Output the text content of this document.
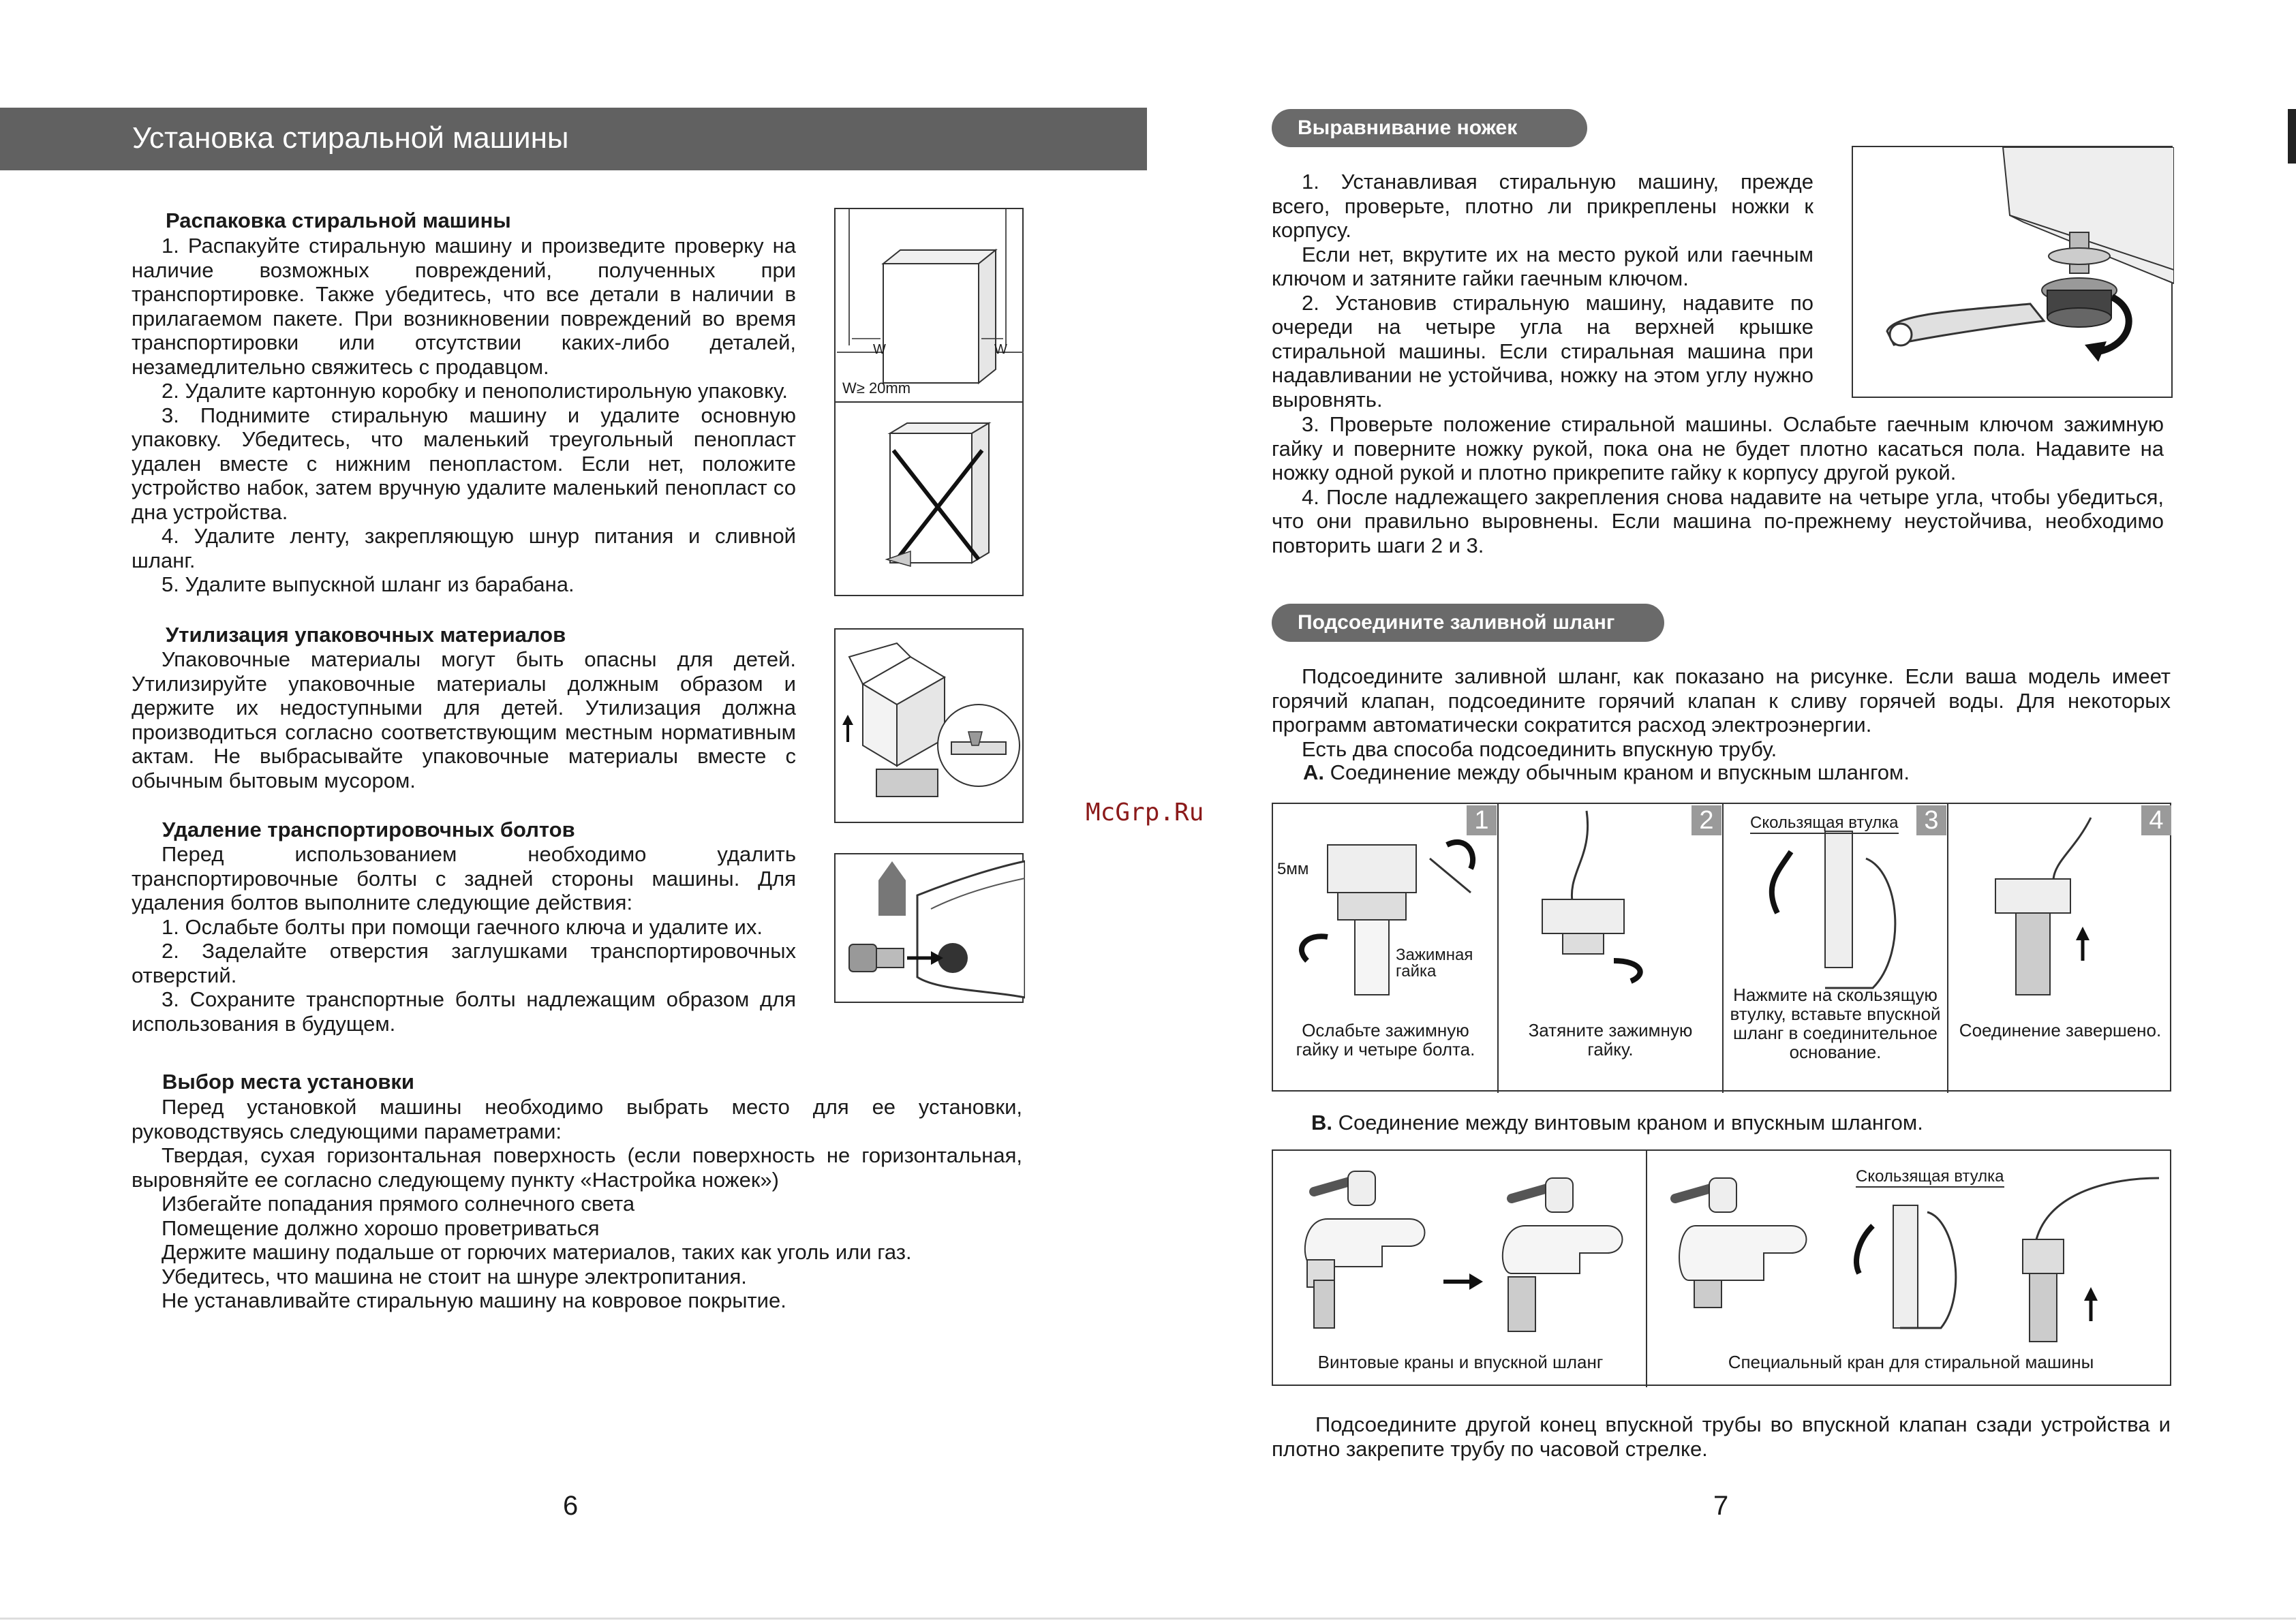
Установка стиральной машины
Распаковка стиральной машины

1. Распакуйте стиральную машину и произведите проверку на наличие возможных повреждений, полученных при транспортировке. Также убедитесь, что все детали в наличии в прилагаемом пакете. При возникновении повреждений во время транспортировки или отсутствии каких-либо деталей, незамедлительно свяжитесь с продавцом.

2. Удалите картонную коробку и пенополистирольную упаковку.

3. Поднимите стиральную машину и удалите основную упаковку. Убедитесь, что маленький треугольный пенопласт удален вместе с нижним пенопластом. Если нет, положите устройство набок, затем вручную удалите маленький пенопласт со дна устройства.

4. Удалите ленту, закрепляющую шнур питания и сливной шланг.

5. Удалите выпускной шланг из барабана.

Утилизация упаковочных материалов

Упаковочные материалы могут быть опасны для детей. Утилизируйте упаковочные материалы должным образом и держите их недоступными для детей. Утилизация должна производиться согласно соответствующим местным нормативным актам. Не выбрасывайте упаковочные материалы вместе с обычным бытовым мусором.

Удаление транспортировочных болтов

Перед использованием необходимо удалить транспортировочные болты с задней стороны машины. Для удаления болтов выполните следующие действия:

1. Ослабьте болты при помощи гаечного ключа и удалите их.

2. Заделайте отверстия заглушками транспортировочных отверстий.

3. Сохраните транспортные болты надлежащим образом для использования в будущем.

Выбор места установки

Перед установкой машины необходимо выбрать место для ее установки, руководствуясь следующими параметрами:

Твердая, сухая горизонтальная поверхность (если поверхность не горизонтальная, выровняйте ее согласно следующему пункту «Настройка ножек»)

Избегайте попадания прямого солнечного света

Помещение должно хорошо проветриваться

Держите машину подальше от горючих материалов, таких как уголь или газ.

Убедитесь, что машина не стоит на шнуре электропитания.

Не устанавливайте стиральную машину на ковровое покрытие.

W	W
W≥ 20mm
6
McGrp.Ru
Выравнивание ножек

1. Устанавливая стиральную машину, прежде всего, проверьте, плотно ли прикреплены ножки к корпусу.

Если нет, вкрутите их на место рукой или гаечным ключом и затяните гайки гаечным ключом.

2. Установив стиральную машину, надавите по очереди на четыре угла на верхней крышке стиральной машины. Если стиральная машина при надавливании не устойчива, ножку на этом углу нужно выровнять.

3. Проверьте положение стиральной машины. Ослабьте гаечным ключом зажимную гайку и поверните ножку рукой, пока она не будет плотно касаться пола. Надавите на ножку одной рукой и плотно прикрепите гайку к корпусу другой рукой.

4. После надлежащего закрепления снова надавите на четыре угла, чтобы убедиться, что они правильно выровнены. Если машина по-прежнему неустойчива, необходимо повторить шаги 2 и 3.

Подсоедините заливной шланг

Подсоедините заливной шланг, как показано на рисунке. Если ваша модель имеет горячий клапан, подсоедините горячий клапан к сливу горячей воды. Для некоторых программ автоматически сократится расход электроэнергии.

Есть два способа подсоединить впускную трубу.

А. Соединение между обычным краном и впускным шлангом.
1	2	3	4
5мм
Зажимная гайка
Скользящая втулка
Ослабьте зажимную гайку и четыре болта.
Затяните зажимную гайку.
Нажмите на скользящую втулку, вставьте впускной шланг в соединительное основание.
Соединение завершено.
B. Соединение между винтовым краном и впускным шлангом.
Скользящая втулка
Винтовые краны и впускной шланг	Специальный кран для стиральной машины

Подсоедините другой конец впускной трубы во впускной клапан сзади устройства и плотно закрепите трубу по часовой стрелке.

7
